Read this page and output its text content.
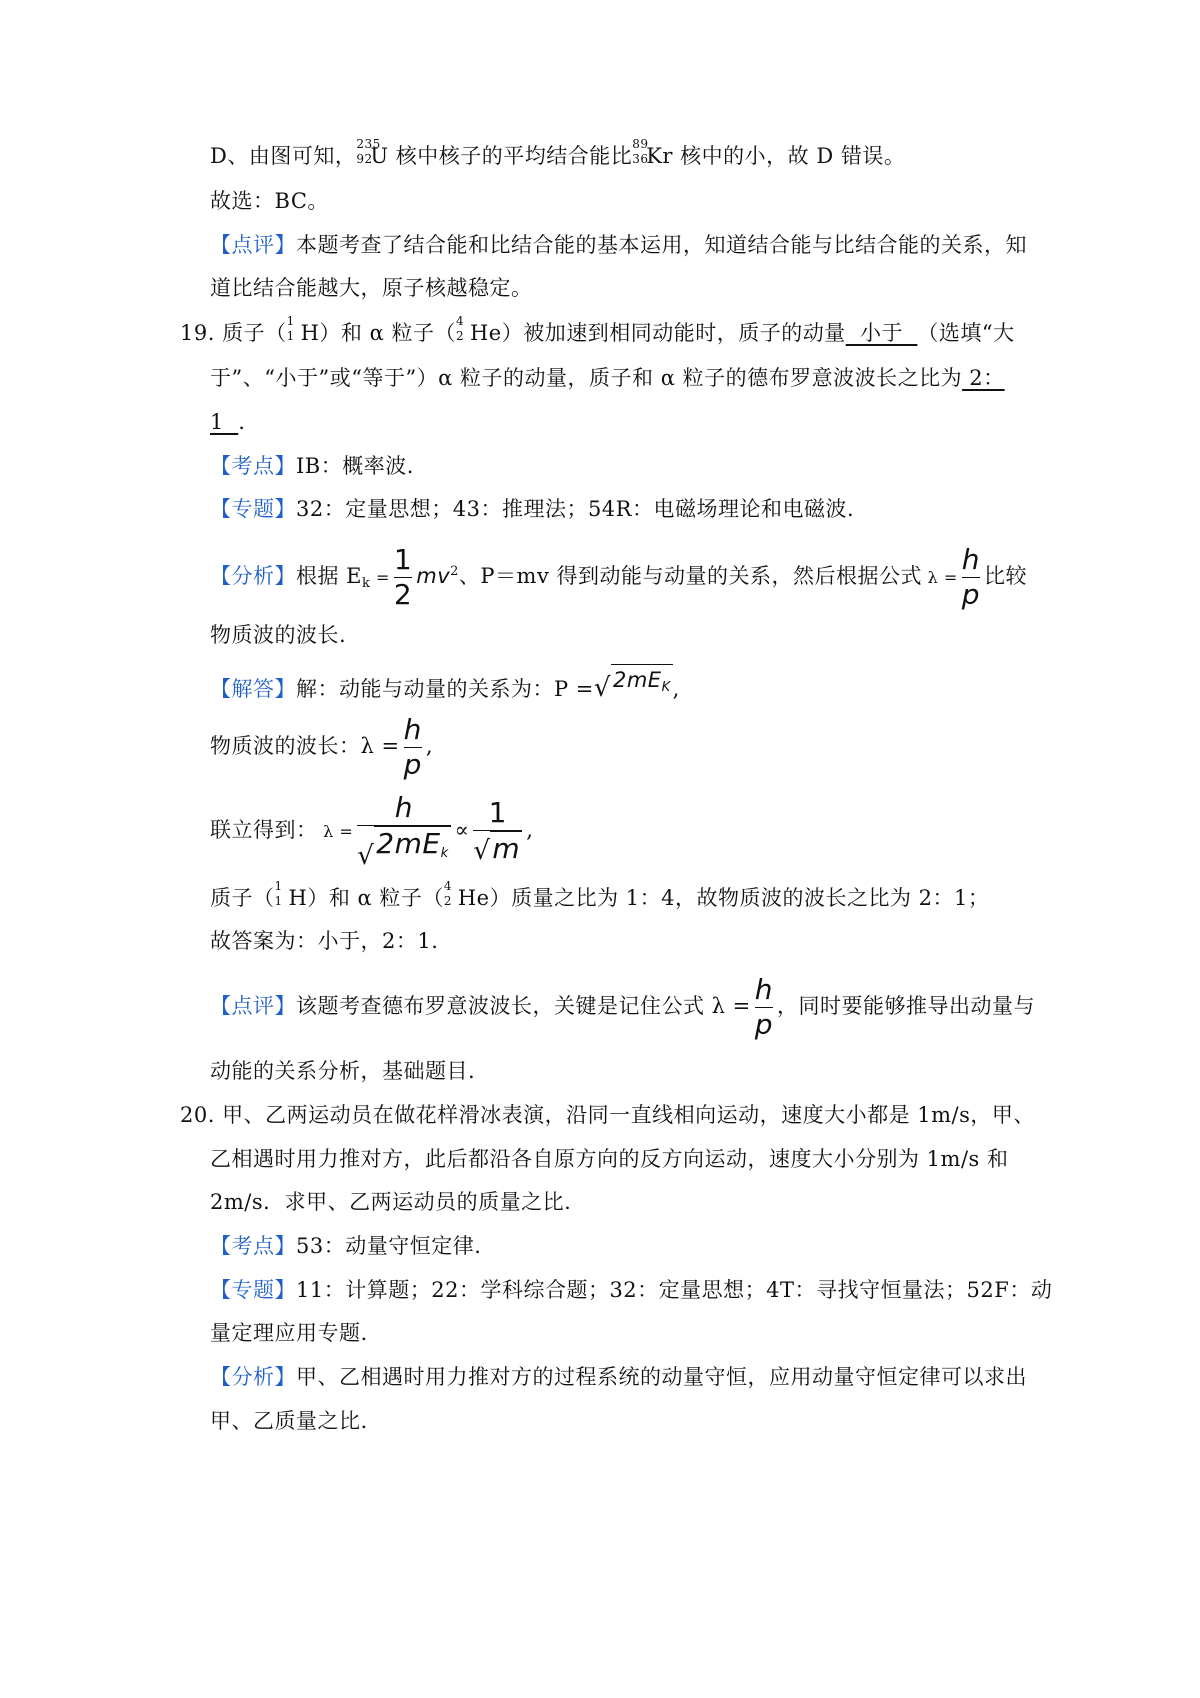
D、由图可知， 235
92
U 核中核子的平均结合能比 89
36
Kr 核中的小，故 D 错误。
故选：BC。
【点评】本题考查了结合能和比结合能的基本运用，知道结合能与比结合能的关系，知
道比结合能越大，原子核越稳定。
19. 质子（ 1
1 H）和 α 粒子（ 4
2 He）被加速到相同动能时，质子的动量  小于  （选填“大
于”、“小于”或“等于”）α 粒子的动量，质子和 α 粒子的德布罗意波波长之比为 2：
1  .
【考点】IB：概率波.
【专题】32：定量思想；43：推理法；54R：电磁场理论和电磁波.
【分析】根据 $Ek = \frac{1}{2} mv^2$、P＝mv 得到动能与动量的关系，然后根据公式 $\lambda = \frac{h}{p}$ 比较
物质波的波长.
【解答】解：动能与动量的关系为：P = √ 2mEK ,
物质波的波长：$\lambda = \frac{h}{p}$ ,
联立得到： $\lambda = \frac{h}{\text{√ 2mEk}} \propto \frac{1}{√ m}$ ,
质子（ 1
1 H）和 α 粒子（ 4
2 He）质量之比为 1：4，故物质波的波长之比为 2：1；
故答案为：小于，2：1.
【点评】该题考查德布罗意波波长，关键是记住公式 $\lambda = \frac{h}{p}$ ，同时要能够推导出动量与
动能的关系分析，基础题目.
20. 甲、乙两运动员在做花样滑冰表演，沿同一直线相向运动，速度大小都是 1m/s，甲、
乙相遇时用力推对方，此后都沿各自原方向的反方向运动，速度大小分别为 1m/s 和
2m/s．求甲、乙两运动员的质量之比.
【考点】53：动量守恒定律.
【专题】11：计算题；22：学科综合题；32：定量思想；4T：寻找守恒量法；52F：动
量定理应用专题.
【分析】甲、乙相遇时用力推对方的过程系统的动量守恒，应用动量守恒定律可以求出
甲、乙质量之比.
